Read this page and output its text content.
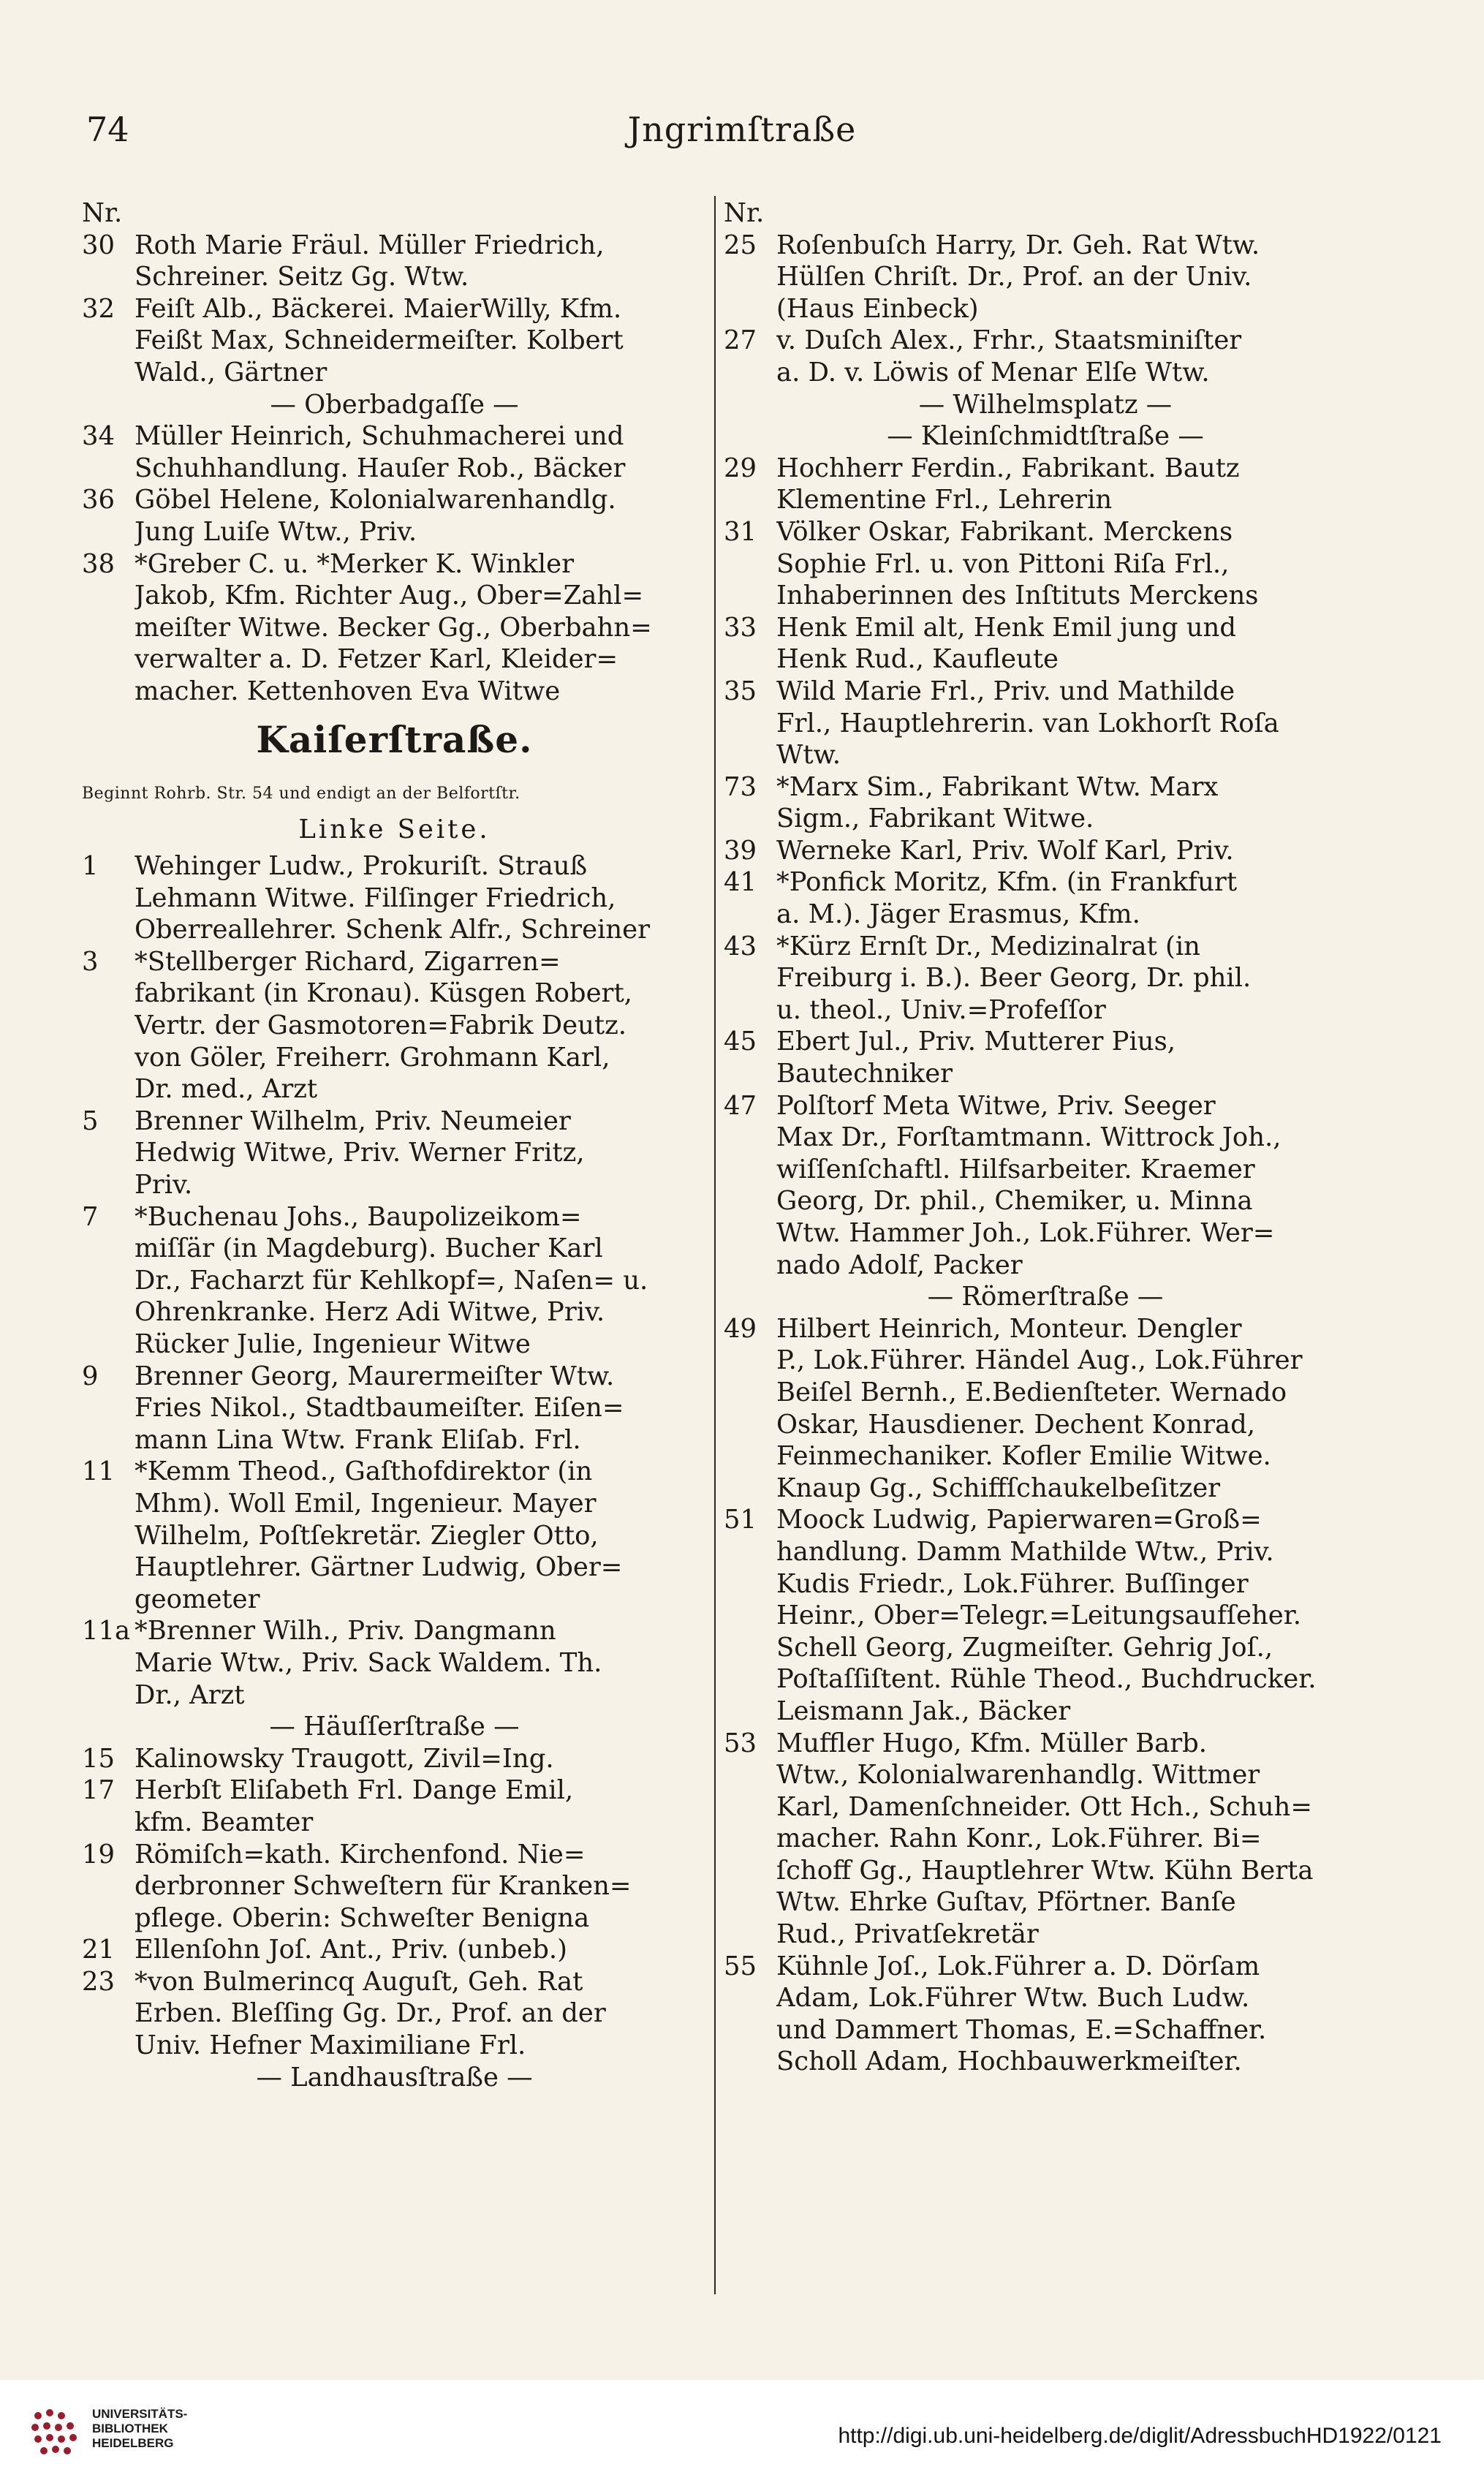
74	Jngrimſtraße
Nr.
30 Roth Marie Fräul. Müller Friedrich,
Schreiner. Seitz Gg. Wtw.
32 Feiſt Alb., Bäckerei. MaierWilly, Kfm.
Feißt Max, Schneidermeiſter. Kolbert
Wald., Gärtner
— Oberbadgaſſe —
34 Müller Heinrich, Schuhmacherei und
Schuhhandlung. Hauſer Rob., Bäcker
36 Göbel Helene, Kolonialwarenhandlg.
Jung Luiſe Wtw., Priv.
38 *Greber C. u. *Merker K. Winkler
Jakob, Kfm. Richter Aug., Ober=Zahl=
meiſter Witwe. Becker Gg., Oberbahn=
verwalter a. D. Fetzer Karl, Kleider=
macher. Kettenhoven Eva Witwe
Kaiſerſtraße.
Beginnt Rohrb. Str. 54 und endigt an der Belfortſtr.
Linke Seite.
1	Wehinger Ludw., Prokuriſt. Strauß
Lehmann Witwe. Filſinger Friedrich,
Oberreallehrer. Schenk Alfr., Schreiner
3	*Stellberger Richard, Zigarren=
fabrikant (in Kronau). Küsgen Robert,
Vertr. der Gasmotoren=Fabrik Deutz.
von Göler, Freiherr. Grohmann Karl,
Dr. med., Arzt
5	Brenner Wilhelm, Priv. Neumeier
Hedwig Witwe, Priv. Werner Fritz,
Priv.
7	*Buchenau Johs., Baupolizeikom=
miſſär (in Magdeburg). Bucher Karl
Dr., Facharzt für Kehlkopf=, Naſen= u.
Ohrenkranke. Herz Adi Witwe, Priv.
Rücker Julie, Ingenieur Witwe
9	Brenner Georg, Maurermeiſter Wtw.
Fries Nikol., Stadtbaumeiſter. Eiſen=
mann Lina Wtw. Frank Eliſab. Frl.
11 *Kemm Theod., Gaſthofdirektor (in
Mhm). Woll Emil, Ingenieur. Mayer
Wilhelm, Poſtſekretär. Ziegler Otto,
Hauptlehrer. Gärtner Ludwig, Ober=
geometer
11a *Brenner Wilh., Priv. Dangmann
Marie Wtw., Priv. Sack Waldem. Th.
Dr., Arzt
— Häuſſerſtraße —
15 Kalinowsky Traugott, Zivil=Ing.
17 Herbſt Eliſabeth Frl. Dange Emil,
kfm. Beamter
19 Römiſch=kath. Kirchenfond. Nie=
derbronner Schweſtern für Kranken=
pflege. Oberin: Schweſter Benigna
21 Ellenſohn Joſ. Ant., Priv. (unbeb.)
23 *von Bulmerincq Auguſt, Geh. Rat
Erben. Bleſſing Gg. Dr., Prof. an der
Univ. Hefner Maximiliane Frl.
— Landhausſtraße —
Nr.
25 Roſenbuſch Harry, Dr. Geh. Rat Wtw.
Hülſen Chriſt. Dr., Prof. an der Univ.
(Haus Einbeck)
27 v. Duſch Alex., Frhr., Staatsminiſter
a. D. v. Löwis of Menar Elſe Wtw.
— Wilhelmsplatz —
— Kleinſchmidtſtraße —
29 Hochherr Ferdin., Fabrikant. Bautz
Klementine Frl., Lehrerin
31 Völker Oskar, Fabrikant. Merckens
Sophie Frl. u. von Pittoni Riſa Frl.,
Inhaberinnen des Inſtituts Merckens
33 Henk Emil alt, Henk Emil jung und
Henk Rud., Kaufleute
35 Wild Marie Frl., Priv. und Mathilde
Frl., Hauptlehrerin. van Lokhorſt Roſa
Wtw.
73 *Marx Sim., Fabrikant Wtw. Marx
Sigm., Fabrikant Witwe.
39 Werneke Karl, Priv. Wolf Karl, Priv.
41 *Ponfick Moritz, Kfm. (in Frankfurt
a. M.). Jäger Erasmus, Kfm.
43 *Kürz Ernſt Dr., Medizinalrat (in
Freiburg i. B.). Beer Georg, Dr. phil.
u. theol., Univ.=Profeſſor
45 Ebert Jul., Priv. Mutterer Pius,
Bautechniker
47 Polſtorf Meta Witwe, Priv. Seeger
Max Dr., Forſtamtmann. Wittrock Joh.,
wiſſenſchaftl. Hilfsarbeiter. Kraemer
Georg, Dr. phil., Chemiker, u. Minna
Wtw. Hammer Joh., Lok.Führer. Wer=
nado Adolf, Packer
— Römerſtraße —
49 Hilbert Heinrich, Monteur. Dengler
P., Lok.Führer. Händel Aug., Lok.Führer
Beiſel Bernh., E.Bedienſteter. Wernado
Oskar, Hausdiener. Dechent Konrad,
Feinmechaniker. Kofler Emilie Witwe.
Knaup Gg., Schiffſchaukelbeſitzer
51 Moock Ludwig, Papierwaren=Groß=
handlung. Damm Mathilde Wtw., Priv.
Kudis Friedr., Lok.Führer. Buſſinger
Heinr., Ober=Telegr.=Leitungsaufſeher.
Schell Georg, Zugmeiſter. Gehrig Joſ.,
Poſtaſſiſtent. Rühle Theod., Buchdrucker.
Leismann Jak., Bäcker
53 Muffler Hugo, Kfm. Müller Barb.
Wtw., Kolonialwarenhandlg. Wittmer
Karl, Damenſchneider. Ott Hch., Schuh=
macher. Rahn Konr., Lok.Führer. Bi=
ſchoff Gg., Hauptlehrer Wtw. Kühn Berta
Wtw. Ehrke Guſtav, Pförtner. Banſe
Rud., Privatſekretär
55 Kühnle Joſ., Lok.Führer a. D. Dörſam
Adam, Lok.Führer Wtw. Buch Ludw.
und Dammert Thomas, E.=Schaffner.
Scholl Adam, Hochbauwerkmeiſter.
UNIVERSITÄTS-
BIBLIOTHEK
HEIDELBERG	http://digi.ub.uni-heidelberg.de/diglit/AdressbuchHD1922/0121
